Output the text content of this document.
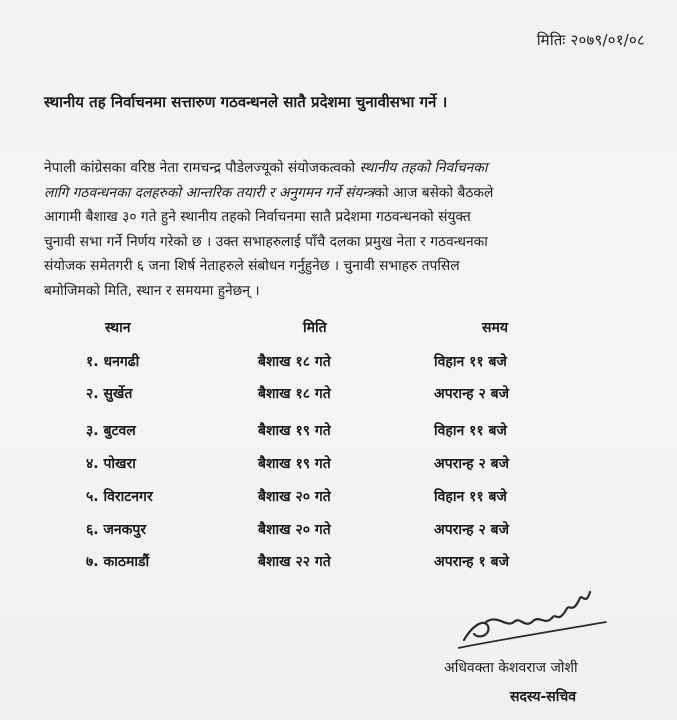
मितिः २०७९/०१/०८
स्थानीय तह निर्वाचनमा सत्तारुण गठवन्धनले सातै प्रदेशमा चुनावीसभा गर्ने ।
नेपाली कांग्रेसका वरिष्ठ नेता रामचन्द्र पौडेलज्यूको संयोजकत्वको स्थानीय तहको निर्वाचनका
लागि गठवन्धनका दलहरुको आन्तरिक तयारी र अनुगमन गर्ने संयन्त्रको आज बसेको बैठकले
आगामी बैशाख ३० गते हुने स्थानीय तहको निर्वाचनमा सातै प्रदेशमा गठवन्धनको संयुक्त
चुनावी सभा गर्ने निर्णय गरेको छ । उक्त सभाहरुलाई पाँचै दलका प्रमुख नेता र गठवन्धनका
संयोजक समेतगरी ६ जना शिर्ष नेताहरुले संबोधन गर्नुहुनेछ । चुनावी सभाहरु तपसिल
बमोजिमको मिति, स्थान र समयमा हुनेछन् ।
स्थान	मिति	समय
१. धनगढी	बैशाख १८ गते	विहान ११ बजे
२. सुर्खेत	बैशाख १८ गते	अपरान्ह २ बजे
३. बुटवल	बैशाख १९ गते	विहान ११ बजे
४. पोखरा	बैशाख १९ गते	अपरान्ह २ बजे
५. विराटनगर	बैशाख २० गते	विहान ११ बजे
६. जनकपुर	बैशाख २० गते	अपरान्ह २ बजे
७. काठमाडौं	बैशाख २२ गते	अपरान्ह १ बजे
अधिवक्ता केशवराज जोशी
सदस्य-सचिव
